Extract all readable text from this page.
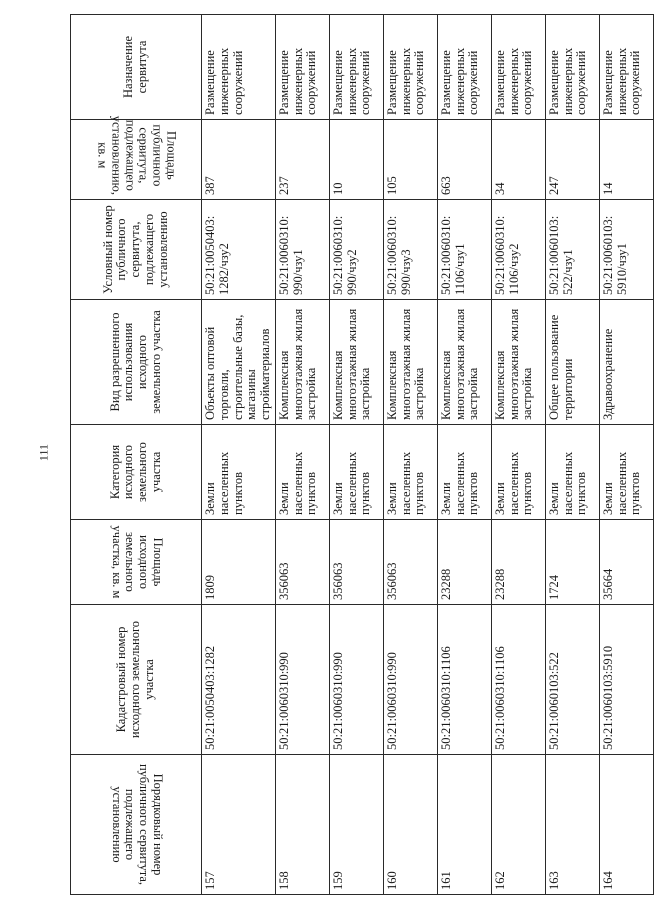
111
Порядковый номер публичного сервитута, подлежащего установлению	Кадастровый номер исходного земельного участка	Площадь исходного земельного участка, кв. м	Категория исходного земельного участка	Вид разрешенного использования исходного земельного участка	Условный номер публичного сервитута, подлежащего установлению	Площадь публичного сервитута, подлежащего установлению, кв. м	Назначение сервитута
157	50:21:0050403:1282	1809	Земли населенных пунктов	Объекты оптовой торговли, строительные базы, магазины стройматериалов	50:21:0050403: 1282/чзу2	387	Размещение инженерных сооружений
158	50:21:0060310:990	356063	Земли населенных пунктов	Комплексная многоэтажная жилая застройка	50:21:0060310: 990/чзу1	237	Размещение инженерных сооружений
159	50:21:0060310:990	356063	Земли населенных пунктов	Комплексная многоэтажная жилая застройка	50:21:0060310: 990/чзу2	10	Размещение инженерных сооружений
160	50:21:0060310:990	356063	Земли населенных пунктов	Комплексная многоэтажная жилая застройка	50:21:0060310: 990/чзу3	105	Размещение инженерных сооружений
161	50:21:0060310:1106	23288	Земли населенных пунктов	Комплексная многоэтажная жилая застройка	50:21:0060310: 1106/чзу1	663	Размещение инженерных сооружений
162	50:21:0060310:1106	23288	Земли населенных пунктов	Комплексная многоэтажная жилая застройка	50:21:0060310: 1106/чзу2	34	Размещение инженерных сооружений
163	50:21:0060103:522	1724	Земли населенных пунктов	Общее пользование территории	50:21:0060103: 522/чзу1	247	Размещение инженерных сооружений
164	50:21:0060103:5910	35664	Земли населенных пунктов	Здравоохранение	50:21:0060103: 5910/чзу1	14	Размещение инженерных сооружений
